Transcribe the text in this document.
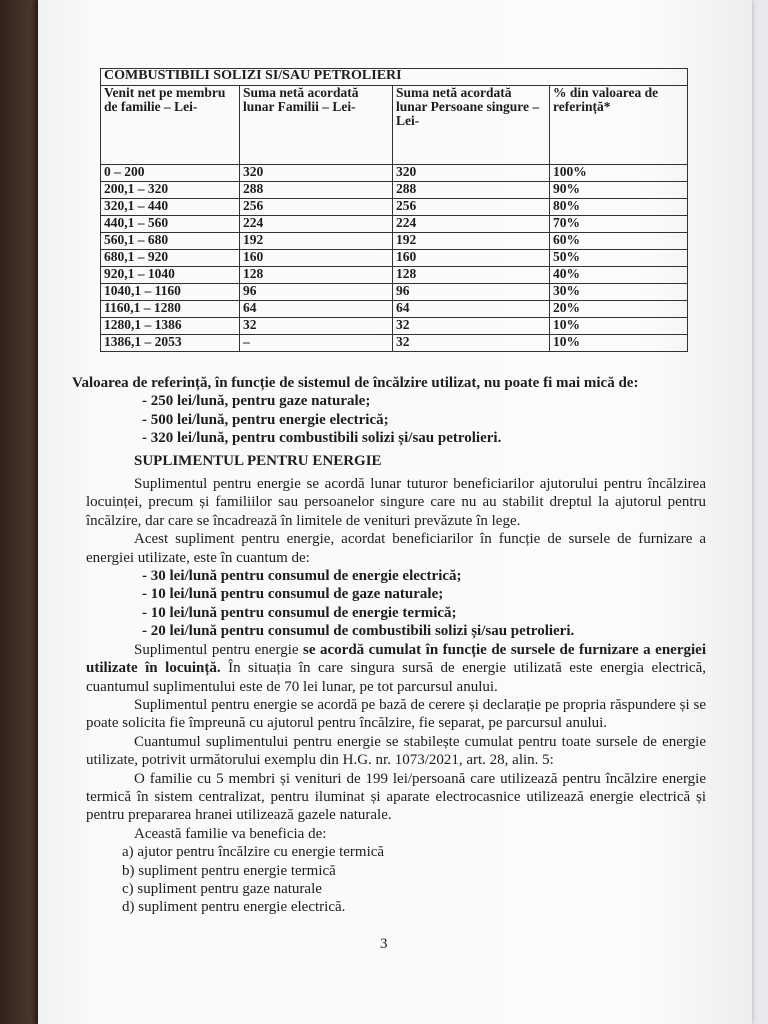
COMBUSTIBILI SOLIZI SI/SAU PETROLIERI			
Venit net pe membru de familie – Lei-	Suma netă acordată lunar Familii – Lei-	Suma netă acordată lunar Persoane singure – Lei-	% din valoarea de referință*
0 – 200	320	320	100%
200,1 – 320	288	288	90%
320,1 – 440	256	256	80%
440,1 – 560	224	224	70%
560,1 – 680	192	192	60%
680,1 – 920	160	160	50%
920,1 – 1040	128	128	40%
1040,1 – 1160	96	96	30%
1160,1 – 1280	64	64	20%
1280,1 – 1386	32	32	10%
1386,1 – 2053	–	32	10%

Valoarea de referință, în funcție de sistemul de încălzire utilizat, nu poate fi mai mică de:

- 250 lei/lună, pentru gaze naturale;

- 500 lei/lună, pentru energie electrică;

- 320 lei/lună, pentru combustibili solizi și/sau petrolieri.

SUPLIMENTUL PENTRU ENERGIE

Suplimentul pentru energie se acordă lunar tuturor beneficiarilor ajutorului pentru încălzirea locuinței, precum și familiilor sau persoanelor singure care nu au stabilit dreptul la ajutorul pentru încălzire, dar care se încadrează în limitele de venituri prevăzute în lege.

Acest supliment pentru energie, acordat beneficiarilor în funcție de sursele de furnizare a energiei utilizate, este în cuantum de:

- 30 lei/lună pentru consumul de energie electrică;

- 10 lei/lună pentru consumul de gaze naturale;

- 10 lei/lună pentru consumul de energie termică;

- 20 lei/lună pentru consumul de combustibili solizi și/sau petrolieri.

Suplimentul pentru energie se acordă cumulat în funcție de sursele de furnizare a energiei utilizate în locuință. În situația în care singura sursă de energie utilizată este energia electrică, cuantumul suplimentului este de 70 lei lunar, pe tot parcursul anului.

Suplimentul pentru energie se acordă pe bază de cerere și declarație pe propria răspundere și se poate solicita fie împreună cu ajutorul pentru încălzire, fie separat, pe parcursul anului.

Cuantumul suplimentului pentru energie se stabilește cumulat pentru toate sursele de energie utilizate, potrivit următorului exemplu din H.G. nr. 1073/2021, art. 28, alin. 5:

O familie cu 5 membri și venituri de 199 lei/persoană care utilizează pentru încălzire energie termică în sistem centralizat, pentru iluminat și aparate electrocasnice utilizează energie electrică și pentru prepararea hranei utilizează gazele naturale.

Această familie va beneficia de:

a) ajutor pentru încălzire cu energie termică

b) supliment pentru energie termică

c) supliment pentru gaze naturale

d) supliment pentru energie electrică.

3
